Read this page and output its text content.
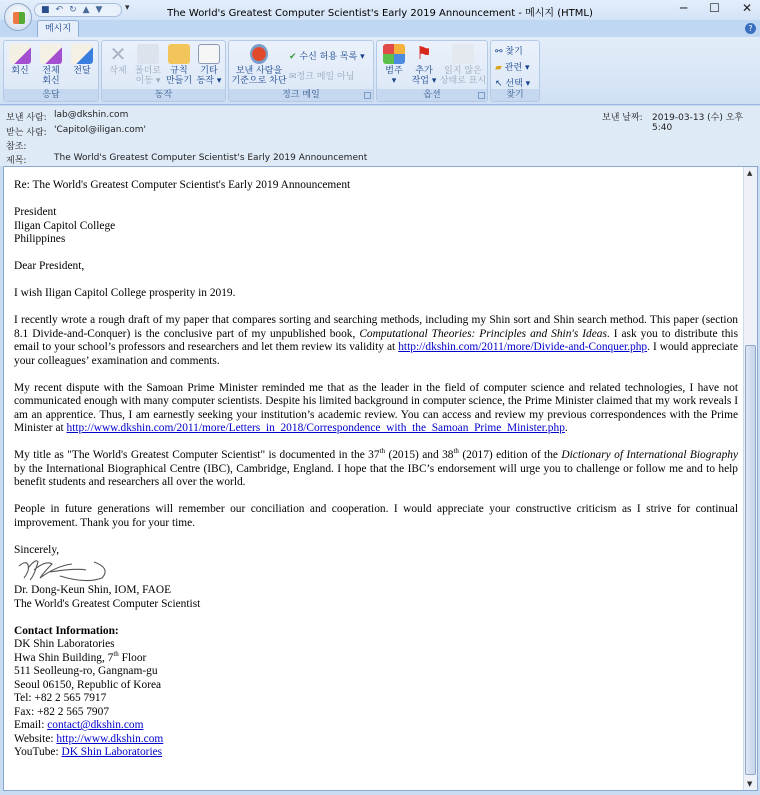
The World's Greatest Computer Scientist's Early 2019 Announcement - 메시지 (HTML)	─ ☐ ✕
■ ↶ ↻ ▲ ▼	▾
메시지	?
회신	전체
회신
전달
응답
✕
삭제 폴더로
이동 ▾
규칙
만들기
기타
동작 ▾
동작
보낸 사람을
기준으로 차단
✔ 수신 허용 목록 ▾
✉정크 메일 아님
정크 메일
범주
▾
⚑
추가
작업 ▾
읽지 않은
상태로 표시
옵션
⚯ 찾기
▰ 관련 ▾
↖ 선택 ▾
찾기
보낸 사람: lab@dkshin.com
받는 사람: 'Capitol@iligan.com'
참조:
제목:	The World's Greatest Computer Scientist's Early 2019 Announcement
보낸 날짜: 2019-03-13 (수) 오후 5:40

Re: The World's Greatest Computer Scientist's Early 2019 Announcement

President
Iligan Capitol College
Philippines

Dear President,

I wish Iligan Capitol College prosperity in 2019.

I recently wrote a rough draft of my paper that compares sorting and searching methods, including my Shin sort and Shin search method. This paper (section 8.1 Divide-and-Conquer) is the conclusive part of my unpublished book, Computational Theories: Principles and Shin's Ideas. I ask you to distribute this email to your school’s professors and researchers and let them review its validity at http://dkshin.com/2011/more/Divide-and-Conquer.php. I would appreciate your colleagues’ examination and comments.

My recent dispute with the Samoan Prime Minister reminded me that as the leader in the field of computer science and related technologies, I have not communicated enough with many computer scientists. Despite his limited background in computer science, the Prime Minister claimed that my work reveals I am an apprentice. Thus, I am earnestly seeking your institution’s academic review. You can access and review my previous correspondences with the Prime Minister at http://www.dkshin.com/2011/more/Letters_in_2018/Correspondence_with_the_Samoan_Prime_Minister.php.

My title as "The World's Greatest Computer Scientist" is documented in the 37th (2015) and 38th (2017) edition of the Dictionary of International Biography by the International Biographical Centre (IBC), Cambridge, England. I hope that the IBC’s endorsement will urge you to challenge or follow me and to help benefit students and researchers all over the world.

People in future generations will remember our conciliation and cooperation. I would appreciate your constructive criticism as I strive for continual improvement. Thank you for your time.

Sincerely,
Dr. Dong-Keun Shin, IOM, FAOE
The World's Greatest Computer Scientist

Contact Information:
DK Shin Laboratories
Hwa Shin Building, 7th Floor
511 Seolleung-ro, Gangnam-gu
Seoul 06150, Republic of Korea
Tel: +82 2 565 7917
Fax: +82 2 565 7907
Email: contact@dkshin.com
Website: http://www.dkshin.com
YouTube: DK Shin Laboratories
▲
▼
